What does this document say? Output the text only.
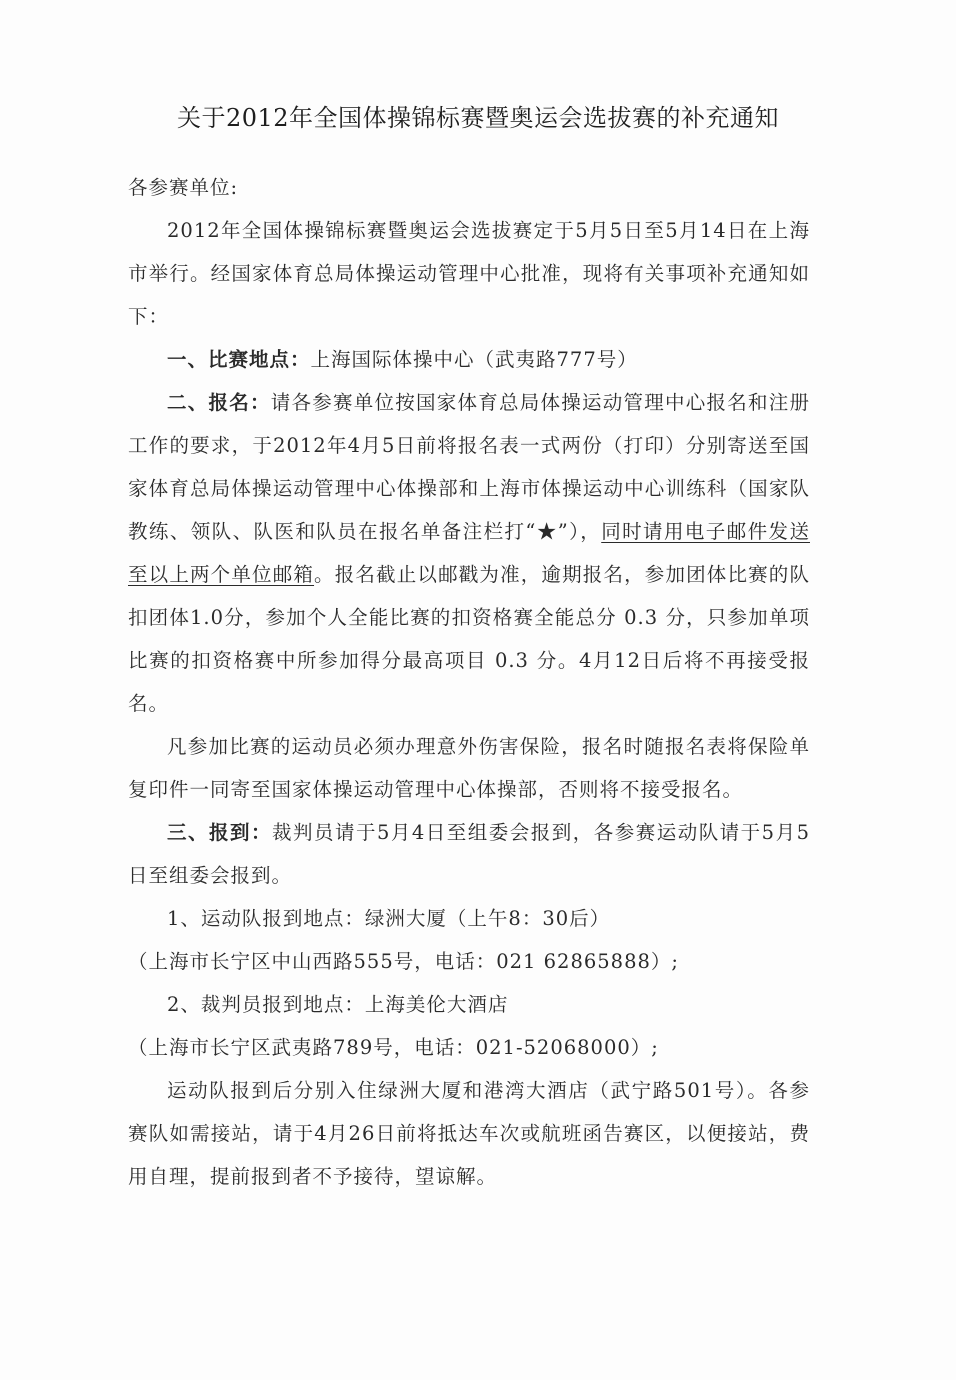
关于2012年全国体操锦标赛暨奥运会选拔赛的补充通知

各参赛单位:

2012年全国体操锦标赛暨奥运会选拔赛定于5月5日至5月14日在上海市举行。经国家体育总局体操运动管理中心批准，现将有关事项补充通知如下：

一、比赛地点：上海国际体操中心（武夷路777号）

二、报名：请各参赛单位按国家体育总局体操运动管理中心报名和注册工作的要求，于2012年4月5日前将报名表一式两份（打印）分别寄送至国家体育总局体操运动管理中心体操部和上海市体操运动中心训练科（国家队教练、领队、队医和队员在报名单备注栏打“★”），同时请用电子邮件发送至以上两个单位邮箱。报名截止以邮戳为准，逾期报名，参加团体比赛的队扣团体1.0分，参加个人全能比赛的扣资格赛全能总分 0.3 分，只参加单项比赛的扣资格赛中所参加得分最高项目 0.3 分。4月12日后将不再接受报名。

凡参加比赛的运动员必须办理意外伤害保险，报名时随报名表将保险单复印件一同寄至国家体操运动管理中心体操部，否则将不接受报名。

三、报到：裁判员请于5月4日至组委会报到，各参赛运动队请于5月5日至组委会报到。

1、运动队报到地点：绿洲大厦（上午8：30后）

（上海市长宁区中山西路555号，电话：021 62865888）;

2、裁判员报到地点：上海美伦大酒店

（上海市长宁区武夷路789号，电话：021-52068000）;

运动队报到后分别入住绿洲大厦和港湾大酒店（武宁路501号）。各参赛队如需接站，请于4月26日前将抵达车次或航班函告赛区，以便接站，费用自理，提前报到者不予接待，望谅解。
